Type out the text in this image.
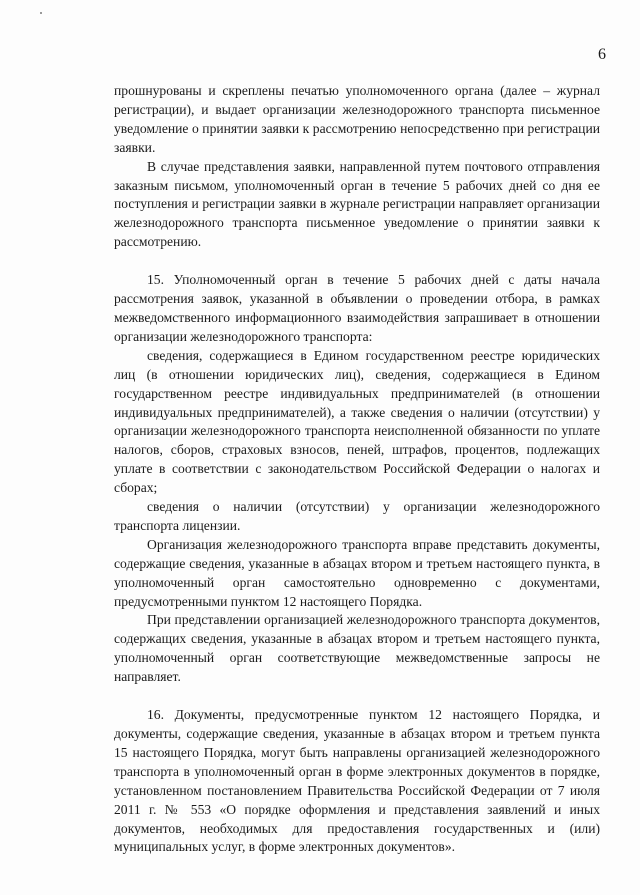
6

прошнурованы и скреплены печатью уполномоченного органа (далее – журнал регистрации), и выдает организации железнодорожного транспорта письменное уведомление о принятии заявки к рассмотрению непосредственно при регистрации заявки.

В случае представления заявки, направленной путем почтового отправления заказным письмом, уполномоченный орган в течение 5 рабочих дней со дня ее поступления и регистрации заявки в журнале регистрации направляет организации железнодорожного транспорта письменное уведомление о принятии заявки к рассмотрению.

15. Уполномоченный орган в течение 5 рабочих дней с даты начала рассмотрения заявок, указанной в объявлении о проведении отбора, в рамках межведомственного информационного взаимодействия запрашивает в отношении организации железнодорожного транспорта:

сведения, содержащиеся в Едином государственном реестре юридических лиц (в отношении юридических лиц), сведения, содержащиеся в Едином государственном реестре индивидуальных предпринимателей (в отношении индивидуальных предпринимателей), а также сведения о наличии (отсутствии) у организации железнодорожного транспорта неисполненной обязанности по уплате налогов, сборов, страховых взносов, пеней, штрафов, процентов, подлежащих уплате в соответствии с законодательством Российской Федерации о налогах и сборах;

сведения о наличии (отсутствии) у организации железнодорожного транспорта лицензии.

Организация железнодорожного транспорта вправе представить документы, содержащие сведения, указанные в абзацах втором и третьем настоящего пункта, в уполномоченный орган самостоятельно одновременно с документами, предусмотренными пунктом 12 настоящего Порядка.

При представлении организацией железнодорожного транспорта документов, содержащих сведения, указанные в абзацах втором и третьем настоящего пункта, уполномоченный орган соответствующие межведомственные запросы не направляет.

16. Документы, предусмотренные пунктом 12 настоящего Порядка, и документы, содержащие сведения, указанные в абзацах втором и третьем пункта 15 настоящего Порядка, могут быть направлены организацией железнодорожного транспорта в уполномоченный орган в форме электронных документов в порядке, установленном постановлением Правительства Российской Федерации от 7 июля 2011 г. № 553 «О порядке оформления и представления заявлений и иных документов, необходимых для предоставления государственных и (или) муниципальных услуг, в форме электронных документов».
